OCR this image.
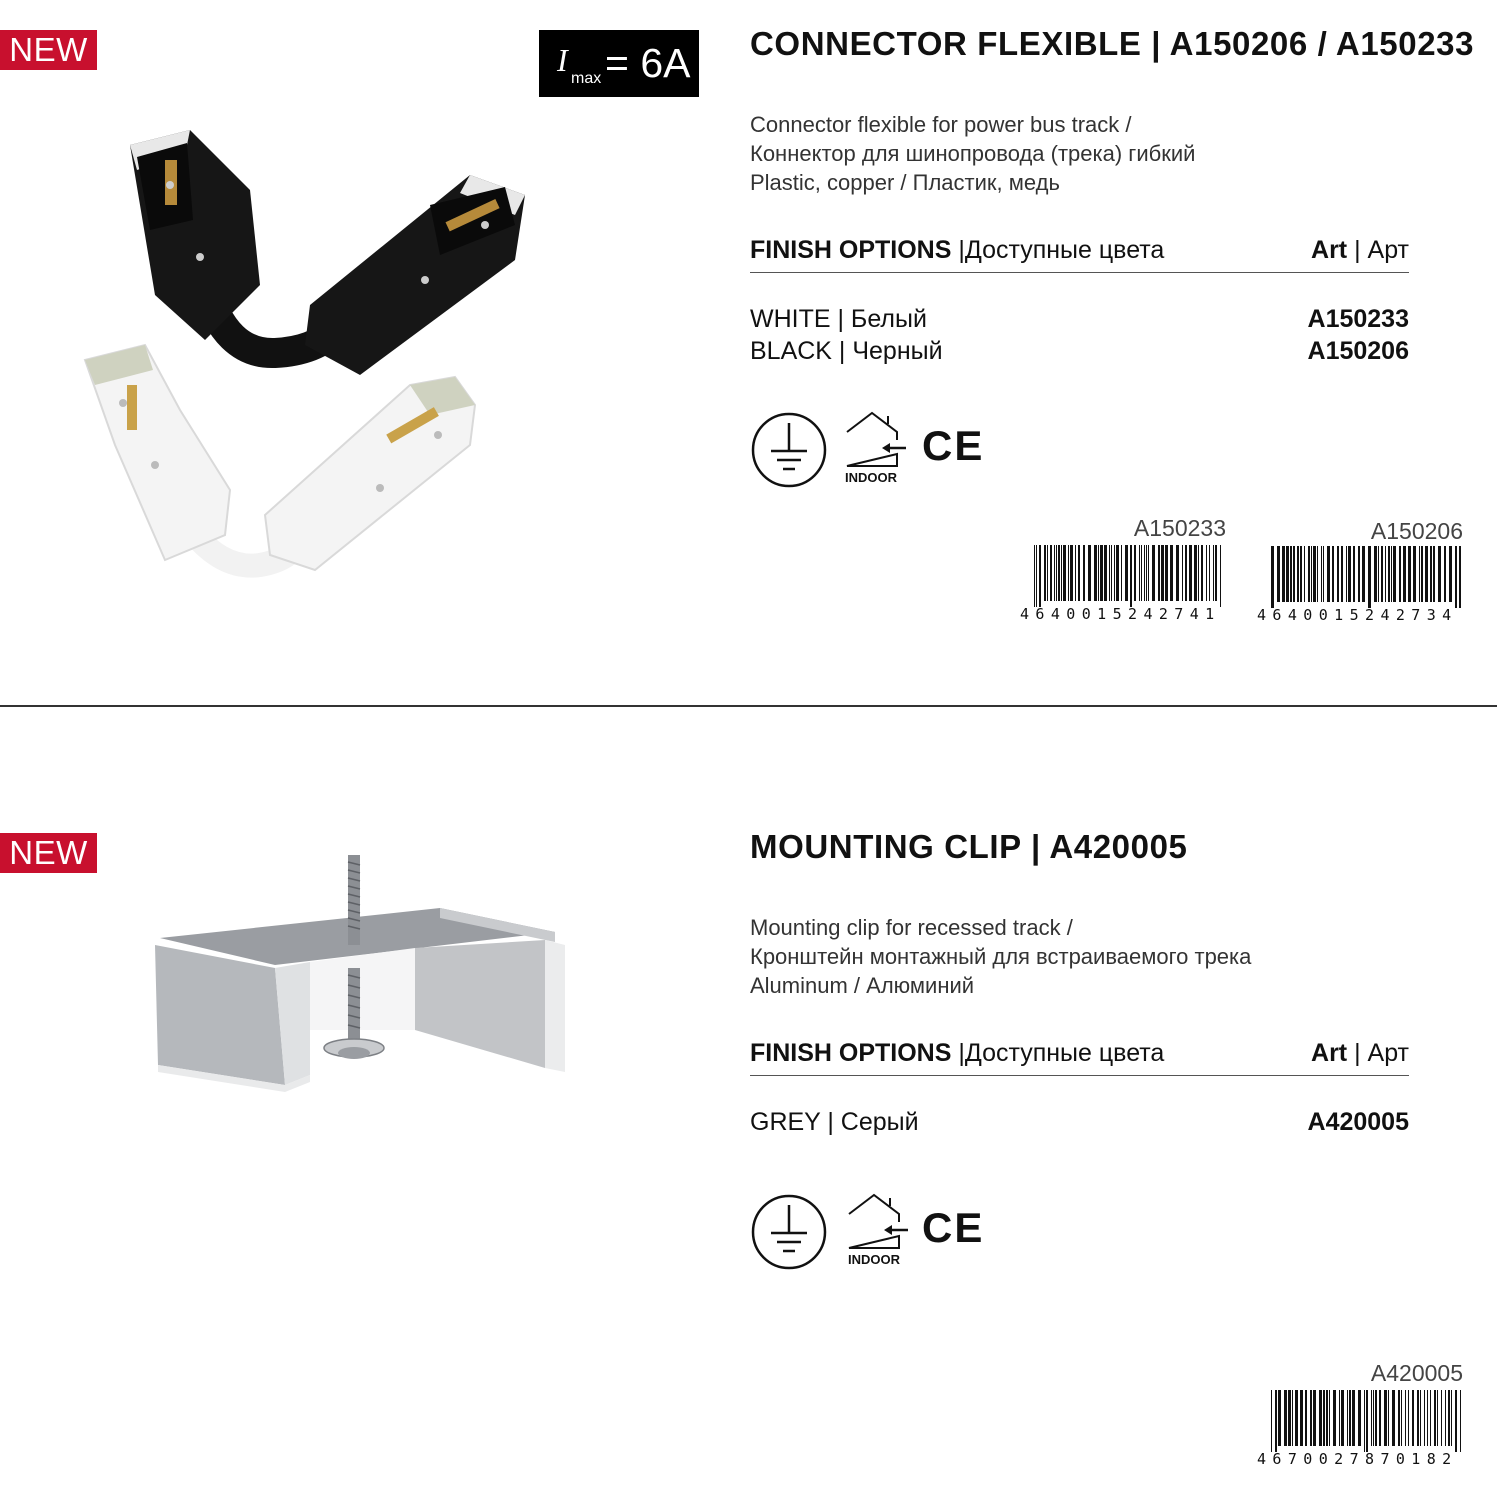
NEW	I
max = 6A CONNECTOR FLEXIBLE | A150206 / A150233
Connector flexible for power bus track /
Коннектор для шинопровода (трека) гибкий
Plastic, copper / Пластик, медь
FINISH OPTIONS |Доступные цвета	Art | Арт
WHITE | Белый	A150233
BLACK | Черный	A150206
INDOOR
CE
A150233
4640015242741
A150206
4640015242734
NEW	MOUNTING CLIP | A420005
Mounting clip for recessed track /
Кронштейн монтажный для встраиваемого трека
Aluminum / Алюминий
FINISH OPTIONS |Доступные цвета	Art | Арт
GREY | Серый	A420005
INDOOR
CE
A420005
4670027870182
